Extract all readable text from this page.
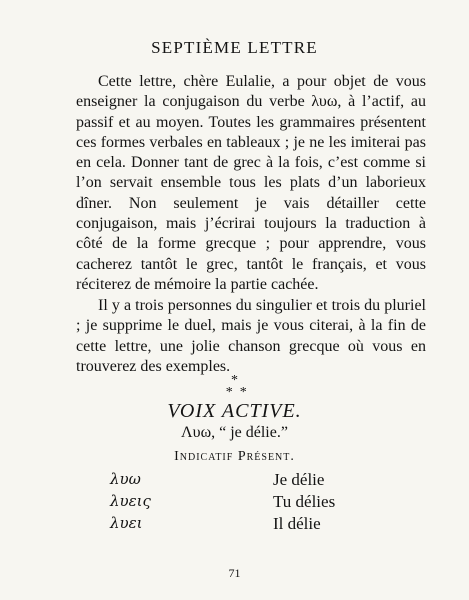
SEPTIÈME LETTRE

Cette lettre, chère Eulalie, a pour objet de vous enseigner la conjugaison du verbe λυω, à l’actif, au passif et au moyen. Toutes les grammaires présentent ces formes verbales en tableaux ; je ne les imiterai pas en cela. Donner tant de grec à la fois, c’est comme si l’on servait ensemble tous les plats d’un laborieux dîner. Non seulement je vais détailler cette conjugaison, mais j’écrirai toujours la traduction à côté de la forme grecque ; pour apprendre, vous cacherez tantôt le grec, tantôt le français, et vous réciterez de mémoire la partie cachée.

Il y a trois personnes du singulier et trois du pluriel ; je supprime le duel, mais je vous citerai, à la fin de cette lettre, une jolie chanson grecque où vous en trouverez des exemples.

*
*  *
VOIX ACTIVE.
Λυω, “ je délie.”
Indicatif Présent.
λυω	Je délie
λυεις	Tu délies
λυει	Il délie
71
